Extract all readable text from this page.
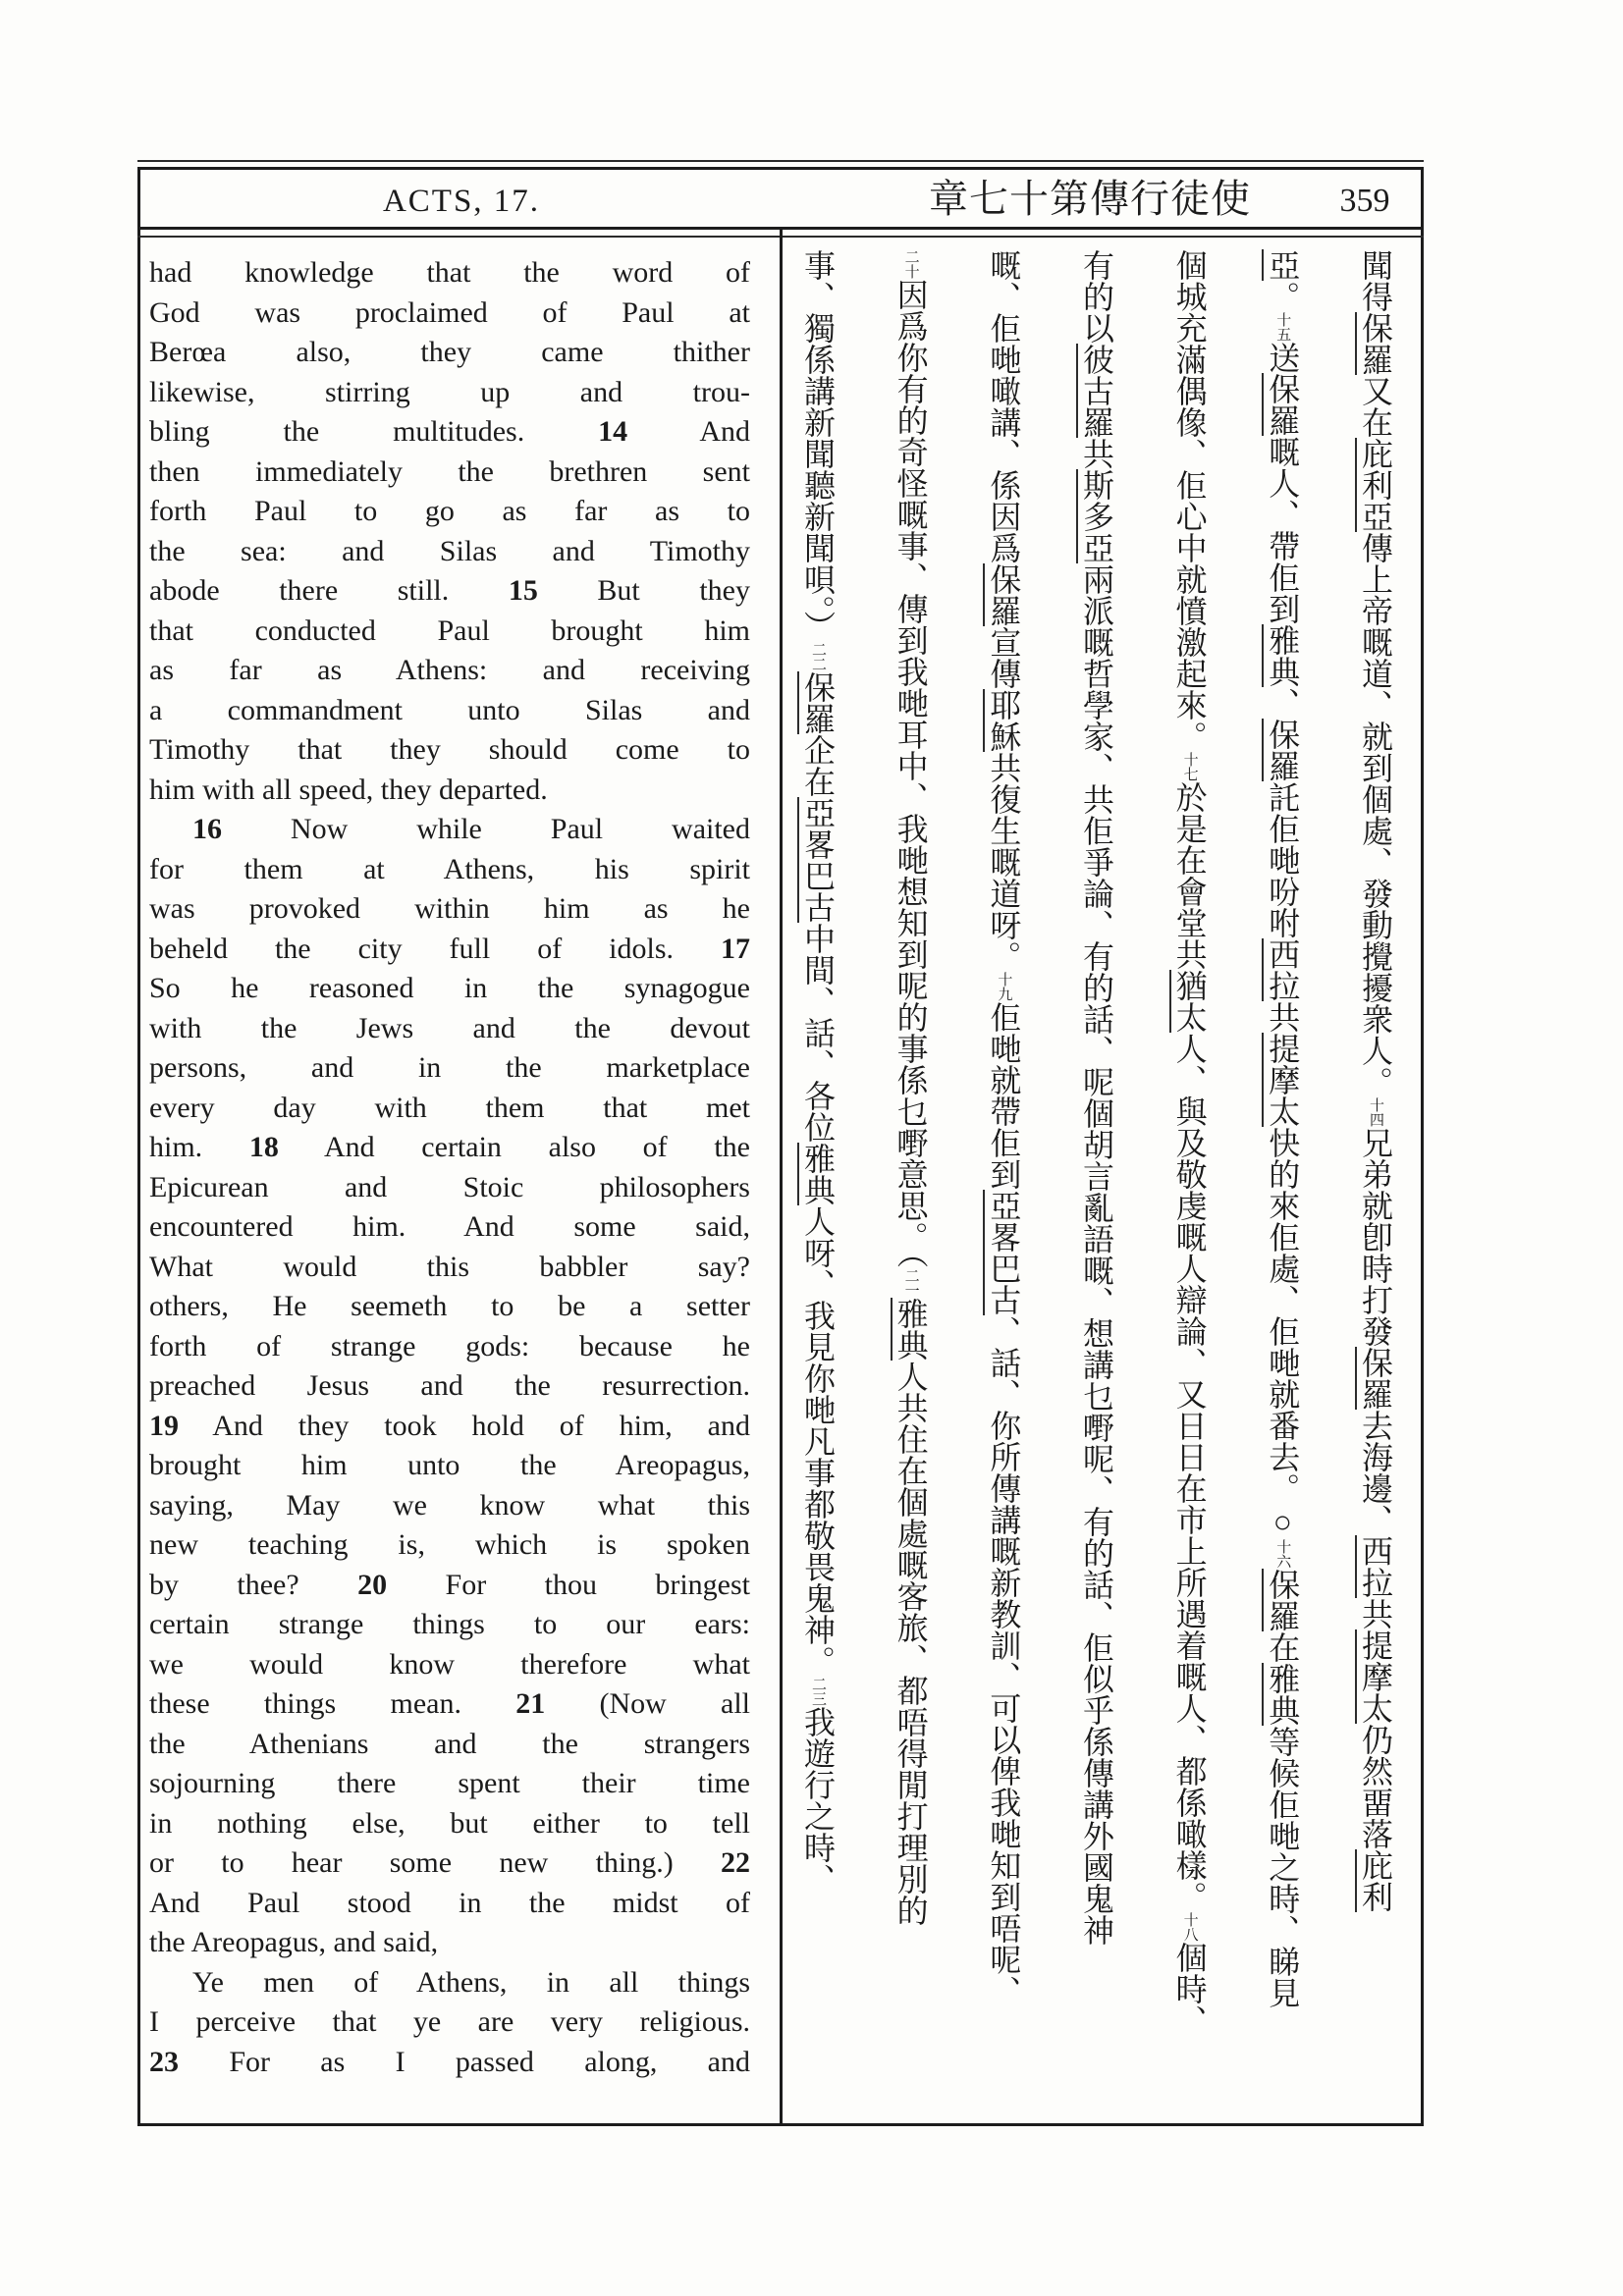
ACTS, 17.	章七十第傳行徒使	359
had knowledge that the word of
God was proclaimed of Paul at
Berœa also, they came thither
likewise, stirring up and trou-
bling the multitudes. 14 And
then immediately the brethren sent
forth Paul to go as far as to
the sea: and Silas and Timothy
abode there still. 15 But they
that conducted Paul brought him
as far as Athens: and receiving
a commandment unto Silas and
Timothy that they should come to
him with all speed, they departed.
16 Now while Paul waited
for them at Athens, his spirit
was provoked within him as he
beheld the city full of idols. 17
So he reasoned in the synagogue
with the Jews and the devout
persons, and in the marketplace
every day with them that met
him. 18 And certain also of the
Epicurean and Stoic philosophers
encountered him. And some said,
What would this babbler say?
others, He seemeth to be a setter
forth of strange gods: because he
preached Jesus and the resurrection.
19 And they took hold of him, and
brought him unto the Areopagus,
saying, May we know what this
new teaching is, which is spoken
by thee? 20 For thou bringest
certain strange things to our ears:
we would know therefore what
these things mean. 21 (Now all
the Athenians and the strangers
sojourning there spent their time
in nothing else, but either to tell
or to hear some new thing.) 22
And Paul stood in the midst of
the Areopagus, and said,
Ye men of Athens, in all things
I perceive that ye are very religious.
23 For as I passed along, and
聞得保羅又在庇利亞傳上帝嘅道、就到個處、發動攪擾衆人。十四兄弟就卽時打發保羅去海邊、西拉共提摩太仍然畱落庇利
亞。十五送保羅嘅人、帶佢到雅典、保羅託佢哋吩咐西拉共提摩太快的來佢處、佢哋就番去。○十六保羅在雅典等候佢哋之時、睇見
個城充滿偶像、佢心中就憤激起來。十七於是在會堂共猶太人、與及敬虔嘅人辯論、又日日在市上所遇着嘅人、都係噉樣。十八個時、
有的以彼古羅共斯多亞兩派嘅哲學家、共佢爭論、有的話、呢個胡言亂語嘅、想講乜嘢呢、有的話、佢似乎係傳講外國鬼神
嘅、佢哋噉講、係因爲保羅宣傳耶穌共復生嘅道呀。十九佢哋就帶佢到亞畧巴古、話、你所傳講嘅新教訓、可以俾我哋知到唔呢、
二十因爲你有的奇怪嘅事、傳到我哋耳中、我哋想知到呢的事係乜嘢意思。（二一雅典人共住在個處嘅客旅、都唔得閒打理別的
事、獨係講新聞聽新聞唄。）二二保羅企在亞畧巴古中間、話、各位雅典人呀、我見你哋凡事都敬畏鬼神。二三我遊行之時、
